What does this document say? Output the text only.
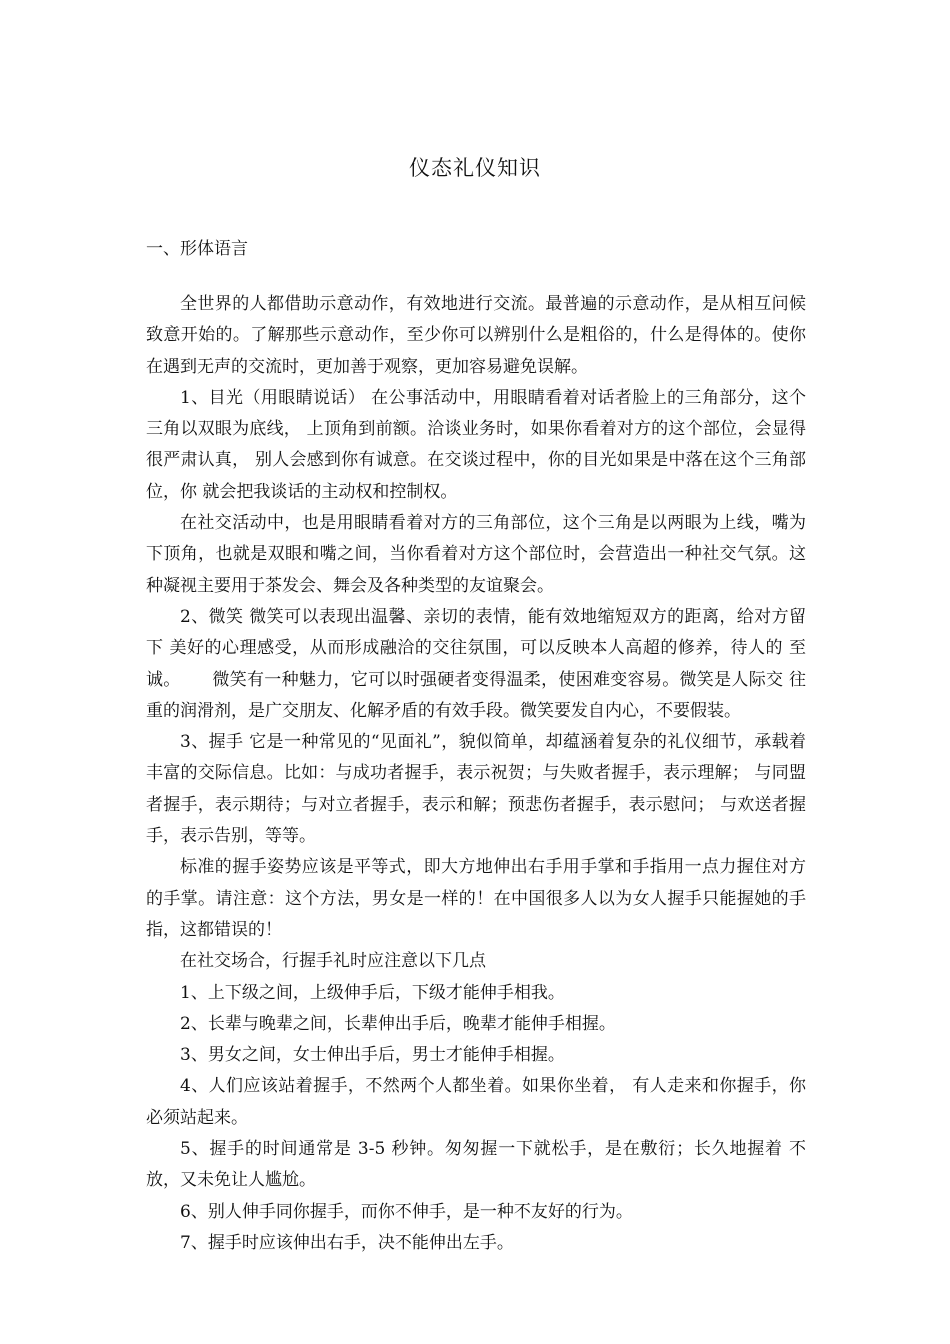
仪态礼仪知识
一、形体语言

全世界的人都借助示意动作，有效地进行交流。最普遍的示意动作，是从相互问候致意开始的。了解那些示意动作，至少你可以辨别什么是粗俗的，什么是得体的。使你在遇到无声的交流时，更加善于观察，更加容易避免误解。

1、目光（用眼睛说话） 在公事活动中，用眼睛看着对话者脸上的三角部分，这个三角以双眼为底线， 上顶角到前额。洽谈业务时，如果你看着对方的这个部位，会显得很严肃认真， 别人会感到你有诚意。在交谈过程中，你的目光如果是中落在这个三角部位，你 就会把我谈话的主动权和控制权。

在社交活动中，也是用眼睛看着对方的三角部位，这个三角是以两眼为上线，嘴为下顶角，也就是双眼和嘴之间，当你看着对方这个部位时，会营造出一种社交气氛。这种凝视主要用于茶发会、舞会及各种类型的友谊聚会。

2、微笑 微笑可以表现出温馨、亲切的表情，能有效地缩短双方的距离，给对方留下 美好的心理感受，从而形成融洽的交往氛围，可以反映本人高超的修养，待人的 至诚。　　 微笑有一种魅力，它可以时强硬者变得温柔，使困难变容易。微笑是人际交 往重的润滑剂，是广交朋友、化解矛盾的有效手段。微笑要发自内心，不要假装。

3、握手 它是一种常见的“见面礼”，貌似简单，却蕴涵着复杂的礼仪细节，承载着 丰富的交际信息。比如：与成功者握手，表示祝贺；与失败者握手，表示理解； 与同盟者握手，表示期待；与对立者握手，表示和解；预悲伤者握手，表示慰问； 与欢送者握手，表示告别，等等。

标准的握手姿势应该是平等式，即大方地伸出右手用手掌和手指用一点力握住对方的手掌。请注意：这个方法，男女是一样的！在中国很多人以为女人握手只能握她的手指，这都错误的！

在社交场合，行握手礼时应注意以下几点

1、上下级之间，上级伸手后，下级才能伸手相我。

2、长辈与晚辈之间，长辈伸出手后，晚辈才能伸手相握。

3、男女之间，女士伸出手后，男士才能伸手相握。

4、人们应该站着握手，不然两个人都坐着。如果你坐着， 有人走来和你握手，你必须站起来。

5、握手的时间通常是 3-5 秒钟。匆匆握一下就松手，是在敷衍；长久地握着 不放，又未免让人尴尬。

6、别人伸手同你握手，而你不伸手，是一种不友好的行为。

7、握手时应该伸出右手，决不能伸出左手。
